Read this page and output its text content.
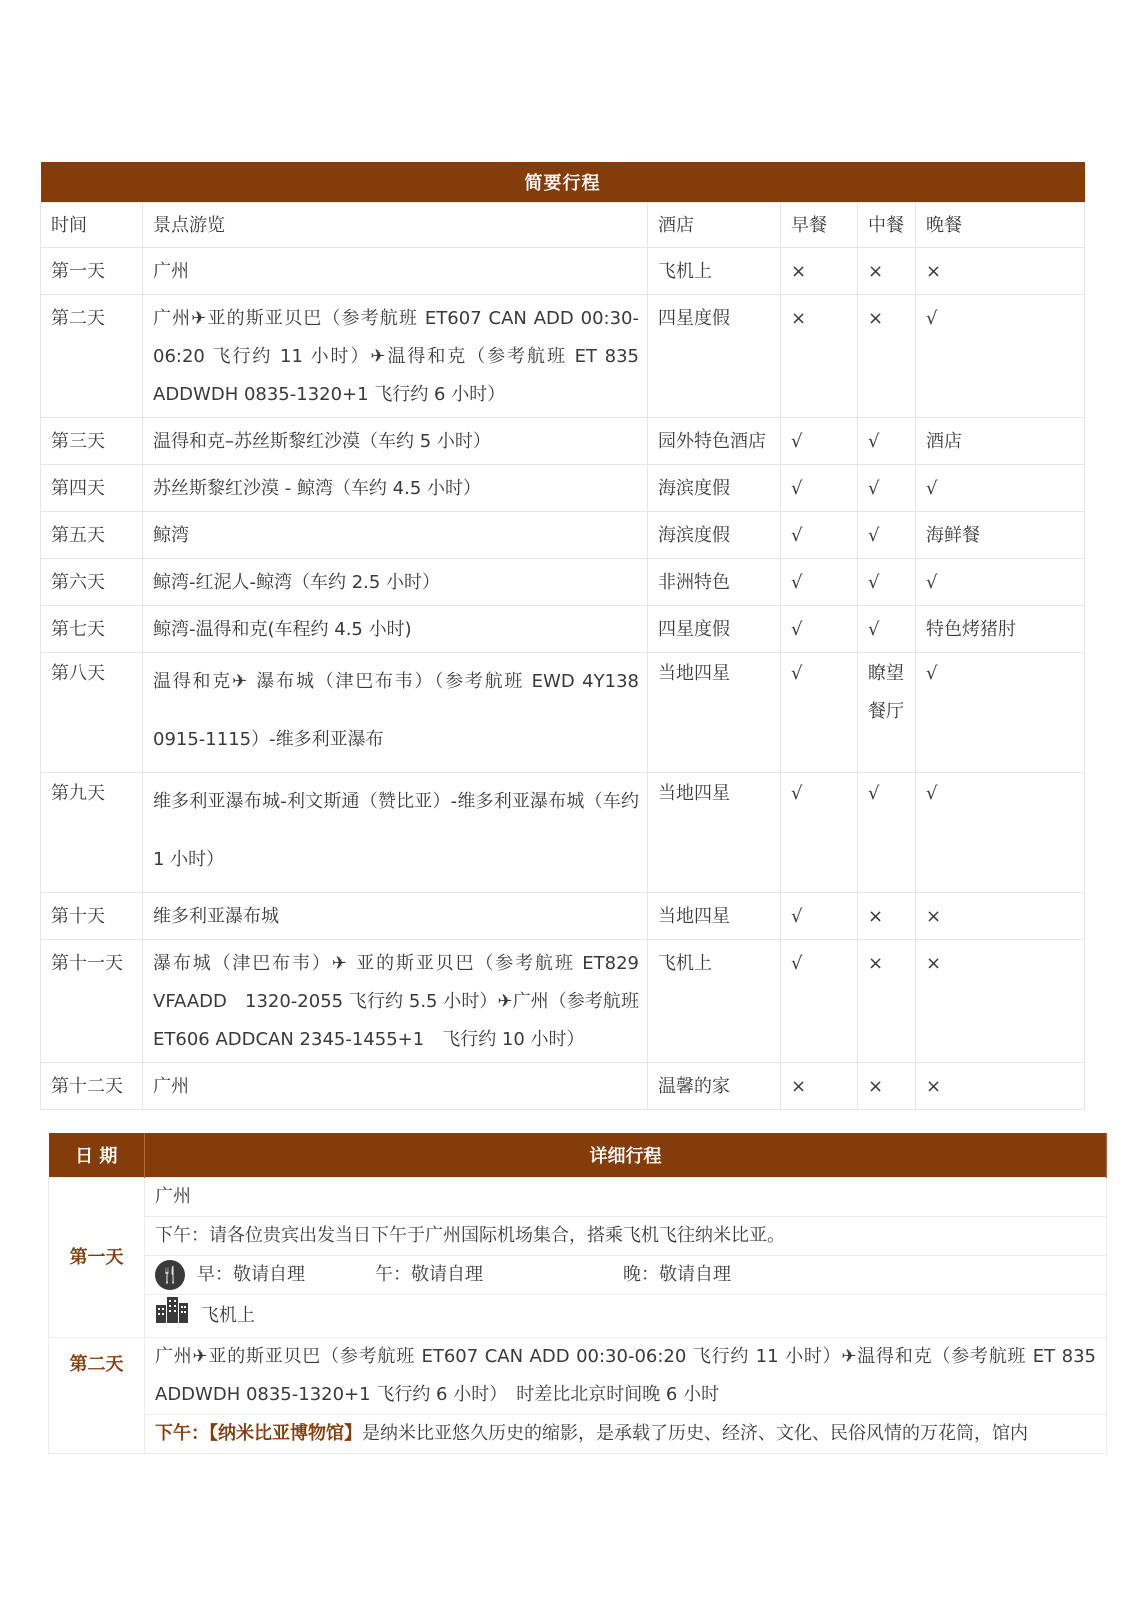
简要行程					
时间	景点游览	酒店	早餐	中餐	晚餐
第一天	广州	飞机上	×	×	×
第二天	广州✈亚的斯亚贝巴（参考航班 ET607 CAN ADD 00:30-06:20 飞行约 11 小时）✈温得和克（参考航班 ET 835　ADDWDH 0835-1320+1 飞行约 6 小时）	四星度假	×	×	√
第三天	温得和克–苏丝斯黎红沙漠（车约 5 小时）	园外特色酒店	√	√	酒店
第四天	苏丝斯黎红沙漠 - 鲸湾（车约 4.5 小时）	海滨度假	√	√	√
第五天	鲸湾	海滨度假	√	√	海鲜餐
第六天	鲸湾-红泥人-鲸湾（车约 2.5 小时）	非洲特色	√	√	√
第七天	鲸湾-温得和克(车程约 4.5 小时)	四星度假	√	√	特色烤猪肘
第八天	温得和克✈ 瀑布城（津巴布韦）（参考航班 EWD 4Y138 0915-1115）-维多利亚瀑布	当地四星	√	瞭望餐厅	√
第九天	维多利亚瀑布城-利文斯通（赞比亚）-维多利亚瀑布城（车约 1 小时）	当地四星	√	√	√
第十天	维多利亚瀑布城	当地四星	√	×	×
第十一天	瀑布城（津巴布韦）✈ 亚的斯亚贝巴（参考航班 ET829 VFAADD　1320-2055 飞行约 5.5 小时）✈广州（参考航班 ET606 ADDCAN 2345-1455+1　飞行约 10 小时）	飞机上	√	×	×
第十二天	广州	温馨的家	×	×	×
日 期	详细行程
第一天	广州
	下午：请各位贵宾出发当日下午于广州国际机场集合，搭乘飞机飞往纳米比亚。
	🍴 早：敬请自理 午：敬请自理 晚：敬请自理
	飞机上
第二天	广州✈亚的斯亚贝巴（参考航班 ET607 CAN ADD 00:30-06:20 飞行约 11 小时）✈温得和克（参考航班 ET 835 ADDWDH 0835-1320+1 飞行约 6 小时）　时差比北京时间晚 6 小时
	下午：【纳米比亚博物馆】是纳米比亚悠久历史的缩影，是承载了历史、经济、文化、民俗风情的万花筒，馆内
